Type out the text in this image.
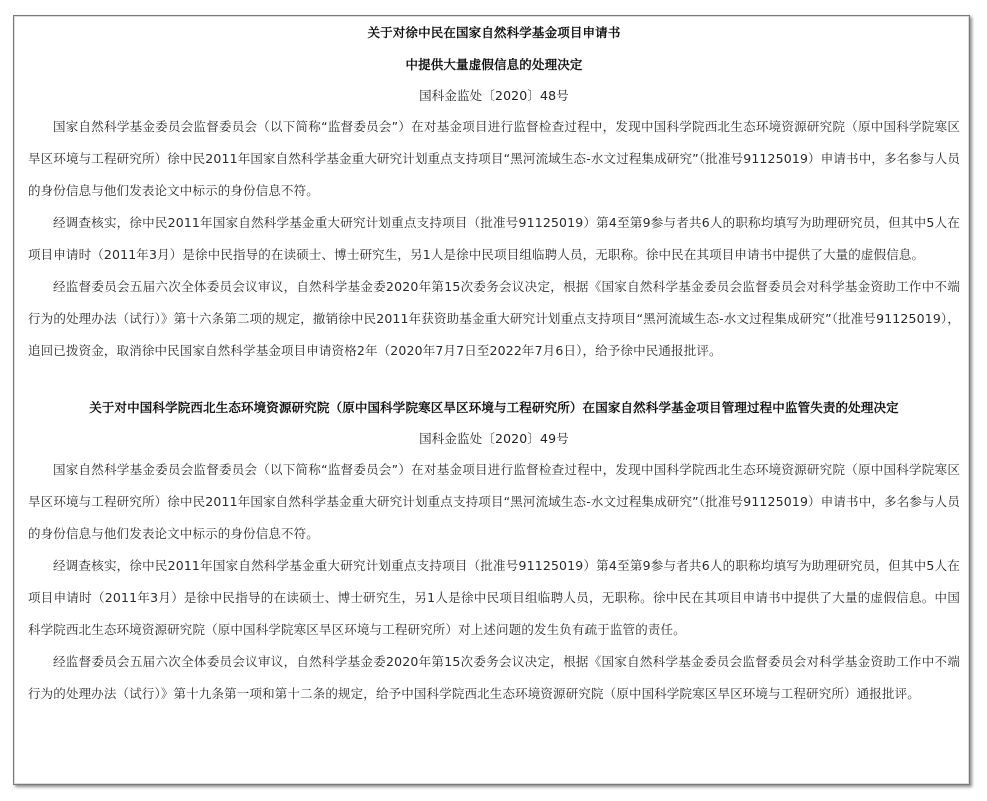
关于对徐中民在国家自然科学基金项目申请书

中提供大量虚假信息的处理决定

国科金监处〔2020〕48号

国家自然科学基金委员会监督委员会（以下简称“监督委员会”）在对基金项目进行监督检查过程中，发现中国科学院西北生态环境资源研究院（原中国科学院寒区旱区环境与工程研究所）徐中民2011年国家自然科学基金重大研究计划重点支持项目“黑河流域生态-水文过程集成研究”（批准号91125019）申请书中，多名参与人员的身份信息与他们发表论文中标示的身份信息不符。

经调查核实，徐中民2011年国家自然科学基金重大研究计划重点支持项目（批准号91125019）第4至第9参与者共6人的职称均填写为助理研究员，但其中5人在项目申请时（2011年3月）是徐中民指导的在读硕士、博士研究生，另1人是徐中民项目组临聘人员，无职称。徐中民在其项目申请书中提供了大量的虚假信息。

经监督委员会五届六次全体委员会议审议，自然科学基金委2020年第15次委务会议决定，根据《国家自然科学基金委员会监督委员会对科学基金资助工作中不端行为的处理办法（试行）》第十六条第二项的规定，撤销徐中民2011年获资助基金重大研究计划重点支持项目“黑河流域生态-水文过程集成研究”（批准号91125019），追回已拨资金，取消徐中民国家自然科学基金项目申请资格2年（2020年7月7日至2022年7月6日），给予徐中民通报批评。

关于对中国科学院西北生态环境资源研究院（原中国科学院寒区旱区环境与工程研究所）在国家自然科学基金项目管理过程中监管失责的处理决定

国科金监处〔2020〕49号

国家自然科学基金委员会监督委员会（以下简称“监督委员会”）在对基金项目进行监督检查过程中，发现中国科学院西北生态环境资源研究院（原中国科学院寒区旱区环境与工程研究所）徐中民2011年国家自然科学基金重大研究计划重点支持项目“黑河流域生态-水文过程集成研究”（批准号91125019）申请书中，多名参与人员的身份信息与他们发表论文中标示的身份信息不符。

经调查核实，徐中民2011年国家自然科学基金重大研究计划重点支持项目（批准号91125019）第4至第9参与者共6人的职称均填写为助理研究员，但其中5人在项目申请时（2011年3月）是徐中民指导的在读硕士、博士研究生，另1人是徐中民项目组临聘人员，无职称。徐中民在其项目申请书中提供了大量的虚假信息。中国科学院西北生态环境资源研究院（原中国科学院寒区旱区环境与工程研究所）对上述问题的发生负有疏于监管的责任。

经监督委员会五届六次全体委员会议审议，自然科学基金委2020年第15次委务会议决定，根据《国家自然科学基金委员会监督委员会对科学基金资助工作中不端行为的处理办法（试行）》第十九条第一项和第十二条的规定，给予中国科学院西北生态环境资源研究院（原中国科学院寒区旱区环境与工程研究所）通报批评。
